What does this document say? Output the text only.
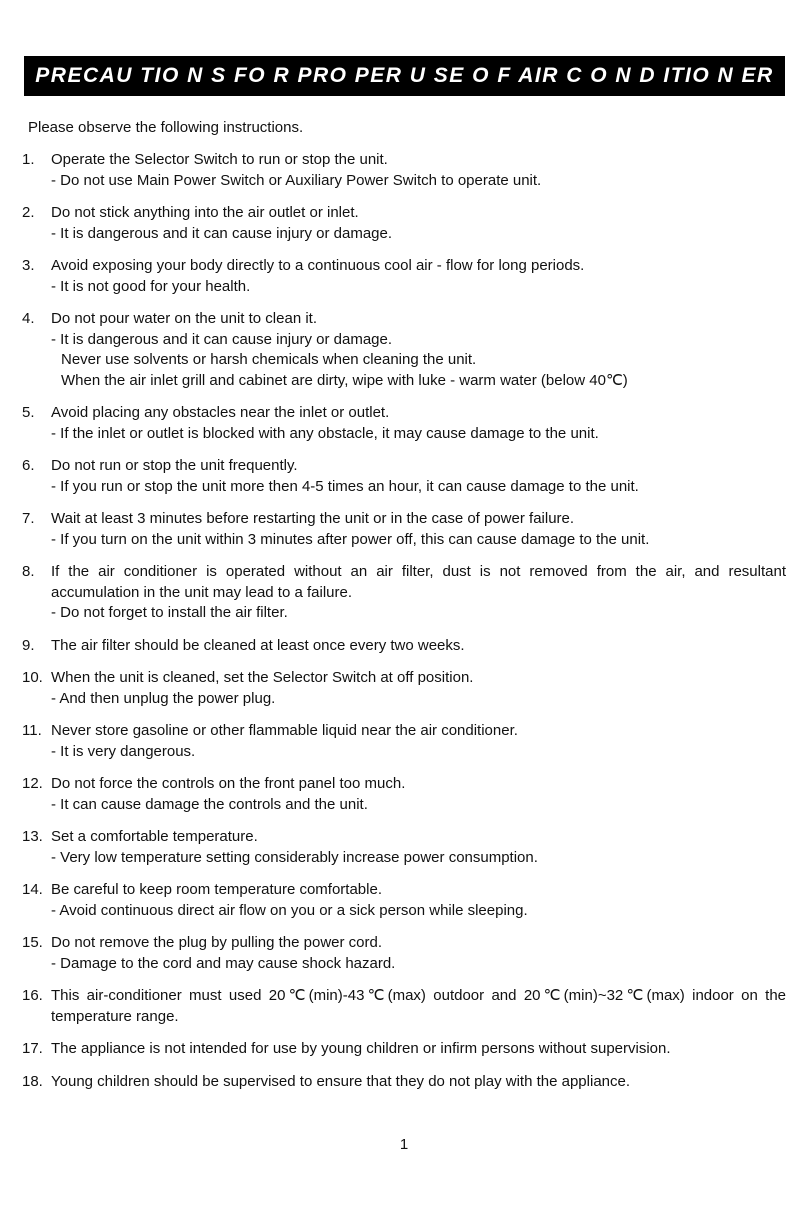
PRECAU TIO N S FO R PRO PER U SE O F AIR C O N D ITIO N ER
Please observe the following instructions.
1.	Operate the Selector Switch to run or stop the unit.
- Do not use Main Power Switch or Auxiliary Power Switch to operate unit.
2.	Do not stick anything into the air outlet or inlet.
- It is dangerous and it can cause injury or damage.
3.	Avoid exposing your body directly to a continuous cool air - flow for long periods.
- It is not good for your health.
4.	Do not pour water on the unit to clean it.
- It is dangerous and it can cause injury or damage.
Never use solvents or harsh chemicals when cleaning the unit.
When the air inlet grill and cabinet are dirty, wipe with luke - warm water (below 40℃)
5.	Avoid placing any obstacles near the inlet or outlet.
- If the inlet or outlet is blocked with any obstacle, it may cause damage to the unit.
6.	Do not run or stop the unit frequently.
- If you run or stop the unit more then 4-5 times an hour, it can cause damage to the unit.
7.	Wait at least 3 minutes before restarting the unit or in the case of power failure.
- If you turn on the unit within 3 minutes after power off, this can cause damage to the unit.
8.	If the air conditioner is operated without an air filter, dust is not removed from the air, and resultant accumulation in the unit may lead to a failure.
- Do not forget to install the air filter.
9.	The air filter should be cleaned at least once every two weeks.
10. When the unit is cleaned, set the Selector Switch at off position.
- And then unplug the power plug.
11. Never store gasoline or other flammable liquid near the air conditioner.
- It is very dangerous.
12. Do not force the controls on the front panel too much.
- It can cause damage the controls and the unit.
13. Set a comfortable temperature.
- Very low temperature setting considerably increase power consumption.
14. Be careful to keep room temperature comfortable.
- Avoid continuous direct air flow on you or a sick person while sleeping.
15. Do not remove the plug by pulling the power cord.
- Damage to the cord and may cause shock hazard.
16. This air-conditioner must used 20℃(min)-43℃(max) outdoor and 20℃(min)~32℃(max) indoor on the temperature range.
17. The appliance is not intended for use by young children or infirm persons without supervision.
18. Young children should be supervised to ensure that they do not play with the appliance.
1
